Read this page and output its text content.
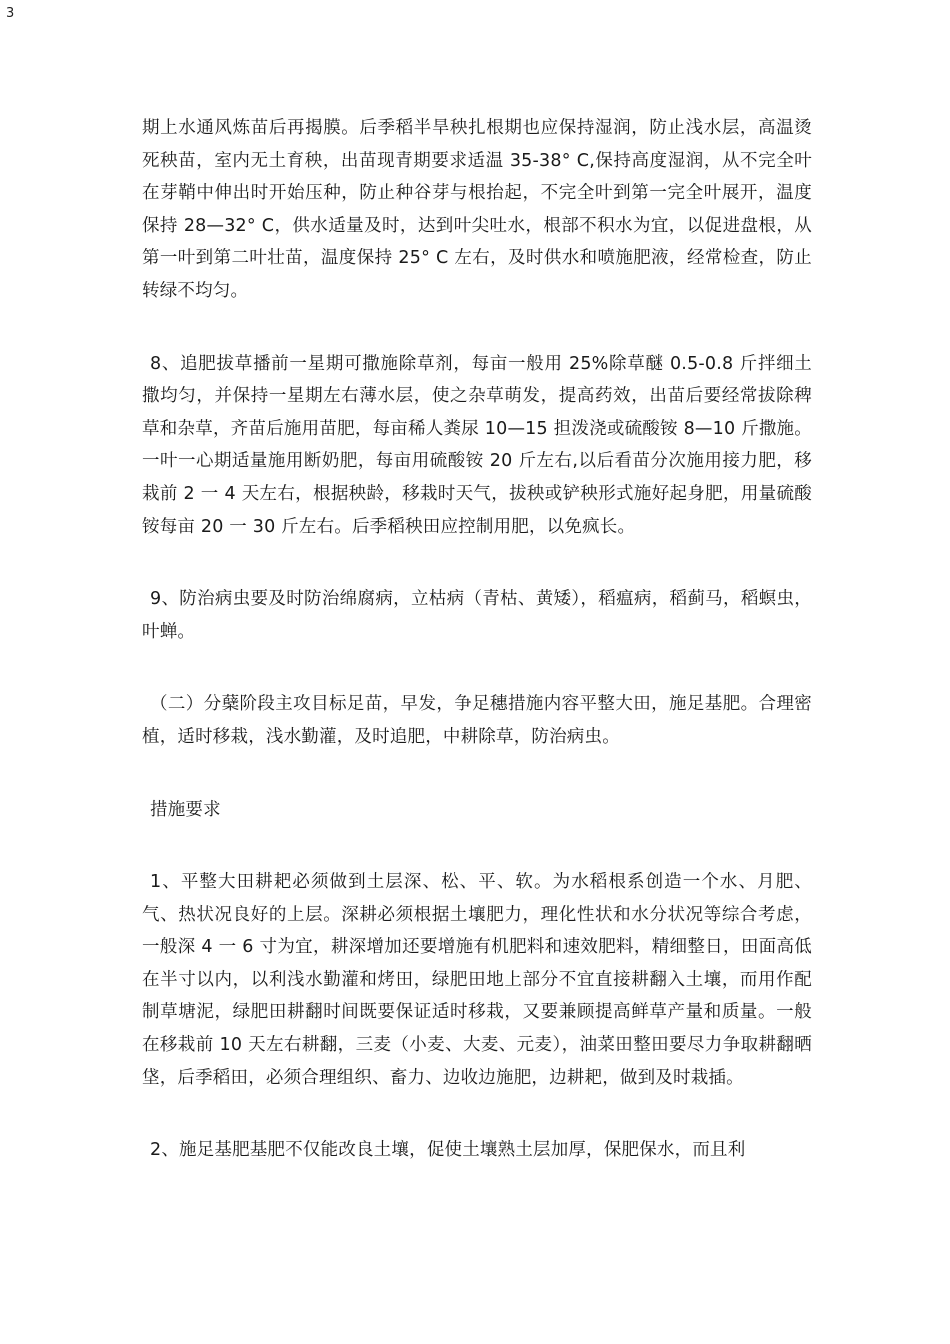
3

期上水通风炼苗后再揭膜。后季稻半旱秧扎根期也应保持湿润，防止浅水层，高温烫死秧苗，室内无土育秧，出苗现青期要求适温 35-38° C,保持高度湿润，从不完全叶在芽鞘中伸出时开始压种，防止种谷芽与根抬起，不完全叶到第一完全叶展开，温度保持 28—32° C，供水适量及时，达到叶尖吐水，根部不积水为宜，以促进盘根，从第一叶到第二叶壮苗，温度保持 25° C 左右，及时供水和喷施肥液，经常检查，防止转绿不均匀。

8、追肥拔草播前一星期可撒施除草剂，每亩一般用 25%除草醚 0.5-0.8 斤拌细土撒均匀，并保持一星期左右薄水层，使之杂草萌发，提高药效，出苗后要经常拔除稗草和杂草，齐苗后施用苗肥，每亩稀人粪尿 10—15 担泼浇或硫酸铵 8—10 斤撒施。一叶一心期适量施用断奶肥，每亩用硫酸铵 20 斤左右,以后看苗分次施用接力肥，移栽前 2 一 4 天左右，根据秧龄，移栽时天气，拔秧或铲秧形式施好起身肥，用量硫酸铵每亩 20 一 30 斤左右。后季稻秧田应控制用肥，以免疯长。

9、防治病虫要及时防治绵腐病，立枯病（青枯、黄矮），稻瘟病，稻蓟马，稻螟虫，叶蝉。

（二）分蘖阶段主攻目标足苗，早发，争足穗措施内容平整大田，施足基肥。合理密植，适时移栽，浅水勤灌，及时追肥，中耕除草，防治病虫。

措施要求

1、平整大田耕耙必须做到土层深、松、平、软。为水稻根系创造一个水、月肥、气、热状况良好的上层。深耕必须根据土壤肥力，理化性状和水分状况等综合考虑，一般深 4 一 6 寸为宜，耕深增加还要增施有机肥料和速效肥料，精细整日，田面高低在半寸以内，以利浅水勤灌和烤田，绿肥田地上部分不宜直接耕翻入土壤，而用作配制草塘泥，绿肥田耕翻时间既要保证适时移栽，又要兼顾提高鲜草产量和质量。一般在移栽前 10 天左右耕翻，三麦（小麦、大麦、元麦），油菜田整田要尽力争取耕翻晒垡，后季稻田，必须合理组织、畜力、边收边施肥，边耕耙，做到及时栽插。

2、施足基肥基肥不仅能改良土壤，促使土壤熟土层加厚，保肥保水，而且利
